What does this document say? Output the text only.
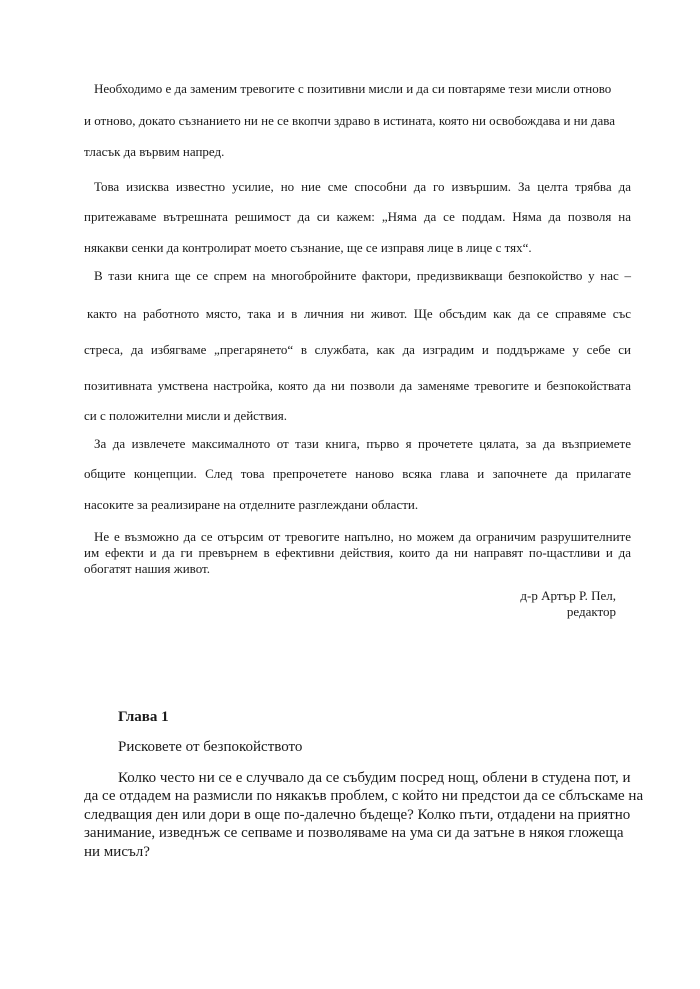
Необходимо е да заменим тревогите с позитивни мисли и да си повтаряме тези мисли отново
и отново, докато съзнанието ни не се вкопчи здраво в истината, която ни освобождава и ни дава
тласък да вървим напред.
Това изисква известно усилие, но ние сме способни да го извършим. За целта трябва да
притежаваме вътрешната решимост да си кажем: „Няма да се поддам. Няма да позволя на
някакви сенки да контролират моето съзнание, ще се изправя лице в лице с тях“.
В тази книга ще се спрем на многобройните фактори, предизвикващи безпокойство у нас –
както на работното място, така и в личния ни живот. Ще обсъдим как да се справяме със
стреса, да избягваме „прегарянето“ в службата, как да изградим и поддържаме у себе си
позитивната умствена настройка, която да ни позволи да заменяме тревогите и безпокойствата
си с положителни мисли и действия.
За да извлечете максималното от тази книга, първо я прочетете цялата, за да възприемете
общите концепции. След това препрочетете наново всяка глава и започнете да прилагате
насоките за реализиране на отделните разглеждани области.
Не е възможно да се отърсим от тревогите напълно, но можем да ограничим разрушителните
им ефекти и да ги превърнем в ефективни действия, които да ни направят по-щастливи и да
обогатят нашия живот.
д-р Артър Р. Пел,
редактор
Глава 1
Рисковете от безпокойството
Колко често ни се е случвало да се събудим посред нощ, облени в студена пот, и
да се отдадем на размисли по някакъв проблем, с който ни предстои да се сблъскаме на
следващия ден или дори в още по-далечно бъдеще? Колко пъти, отдадени на приятно
занимание, изведнъж се сепваме и позволяваме на ума си да затъне в някоя гложеща
ни мисъл?
